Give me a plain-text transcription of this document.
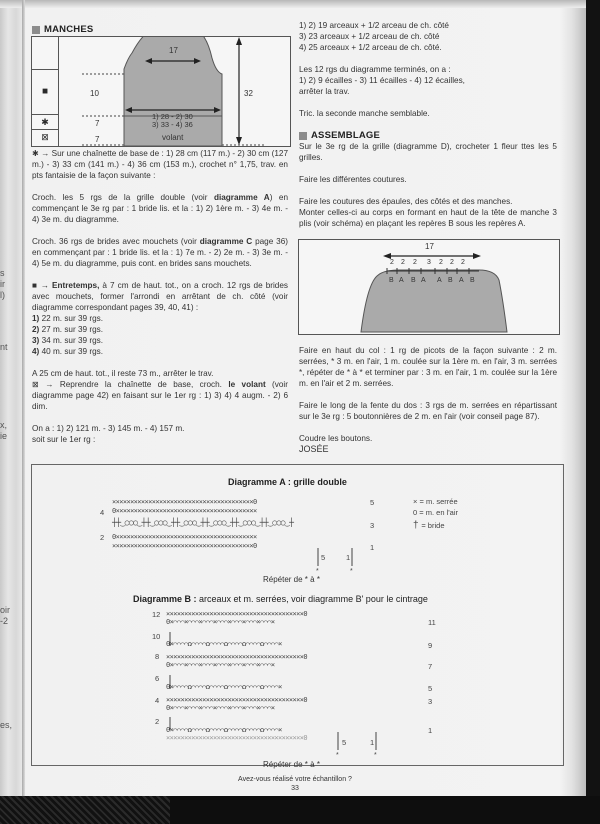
s
ir
l)
nt
x,
ie
oir
-2
es,
MANCHES
■
✱
⊠
17
32
10
7
7
1) 28 - 2) 30
3) 33 - 4) 36
volant

✱ → Sur une chaînette de base de : 1) 28 cm (117 m.) - 2) 30 cm (127 m.) - 3) 33 cm (141 m.) - 4) 36 cm (153 m.), crochet n° 1,75, trav. en pts fantaisie de la façon suivante :

Croch. les 5 rgs de la grille double (voir diagramme A) en commençant le 3e rg par : 1 bride lis. et la : 1) 2) 1ère m. - 3) 4e m. - 4) 3e m. du diagramme.

Croch. 36 rgs de brides avec mouchets (voir diagramme C page 36) en commençant par : 1 bride lis. et la : 1) 7e m. - 2) 2e m. - 3) 3e m. - 4) 5e m. du diagramme, puis cont. en brides sans mouchets.

■ → Entretemps, à 7 cm de haut. tot., on a croch. 12 rgs de brides avec mouchets, former l'arrondi en arrêtant de ch. côté (voir diagramme correspondant pages 39, 40, 41) :

1) 22 m. sur 39 rgs.
2) 27 m. sur 39 rgs.
3) 34 m. sur 39 rgs.
4) 40 m. sur 39 rgs.
A 25 cm de haut. tot., il reste 73 m., arrêter le trav.

⊠ → Reprendre la chaînette de base, croch. le volant (voir diagramme page 42) en faisant sur le 1er rg : 1) 3) 4) 4 augm. - 2) 6 dim.

On a : 1) 2) 121 m. - 3) 145 m. - 4) 157 m.
soit sur le 1er rg :
1) 2) 19 arceaux + 1/2 arceau de ch. côté
3) 23 arceaux + 1/2 arceau de ch. côté
4) 25 arceaux + 1/2 arceau de ch. côté.
Les 12 rgs du diagramme terminés, on a :
1) 2) 9 écailles - 3) 11 écailles - 4) 12 écailles,
arrêter la trav.
Tric. la seconde manche semblable.
ASSEMBLAGE

Sur le 3e rg de la grille (diagramme D), crocheter 1 fleur ttes les 5 grilles.

Faire les différentes coutures.

Faire les coutures des épaules, des côtés et des manches.
Monter celles-ci au corps en formant en haut de la tête de manche 3 plis (voir schéma) en plaçant les repères B sous les repères A.
17
2 2 2 3 2 2 2
B A B A A B A B

Faire en haut du col : 1 rg de picots de la façon suivante : 2 m. serrées, * 3 m. en l'air, 1 m. coulée sur la 1ère m. en l'air, 3 m. serrées *, répéter de * à * et terminer par : 3 m. en l'air, 1 m. coulée sur la 1ère m. en l'air et 2 m. serrées.

Faire le long de la fente du dos : 3 rgs de m. serrées en répartissant sur le 3e rg : 5 boutonnières de 2 m. en l'air (voir conseil page 87).

Coudre les boutons.
JOSÉE
Diagramme A : grille double
4
2
5
3
1
×××××××××××××××××××××××××××××××××××××××0
0×××××××××××××××××××××××××××××××××××××××
┼┼‿○○○‿┼┼‿○○○‿┼┼‿○○○‿┼┼‿○○○‿┼┼‿○○○‿┼┼‿○○○‿┼
0×××××××××××××××××××××××××××××××××××××××
×××××××××××××××××××××××××××××××××××××××0
*	*
5	1
× = m. serrée
0 = m. en l'air
† = bride
Répéter de * à *
Diagramme B : arceaux et m. serrées, voir diagramme B' pour le cintrage
12
10
8
6
4
2
11
9
7
5
3
1
××××××××××××××××××××××××××××××××××××××0
0×⌒⌒⌒×⌒⌒⌒×⌒⌒⌒×⌒⌒⌒×⌒⌒⌒×⌒⌒⌒×⌒⌒⌒×
0×⌒⌒⌒⌒ꭥ⌒⌒⌒⌒ꭥ⌒⌒⌒⌒ꭥ⌒⌒⌒⌒ꭥ⌒⌒⌒⌒ꭥ⌒⌒⌒⌒×
××××××××××××××××××××××××××××××××××××××0
0×⌒⌒⌒×⌒⌒⌒×⌒⌒⌒×⌒⌒⌒×⌒⌒⌒×⌒⌒⌒×⌒⌒⌒×
0×⌒⌒⌒⌒ꭥ⌒⌒⌒⌒ꭥ⌒⌒⌒⌒ꭥ⌒⌒⌒⌒ꭥ⌒⌒⌒⌒ꭥ⌒⌒⌒⌒×
××××××××××××××××××××××××××××××××××××××0
0×⌒⌒⌒×⌒⌒⌒×⌒⌒⌒×⌒⌒⌒×⌒⌒⌒×⌒⌒⌒×⌒⌒⌒×
0×⌒⌒⌒⌒ꭥ⌒⌒⌒⌒ꭥ⌒⌒⌒⌒ꭥ⌒⌒⌒⌒ꭥ⌒⌒⌒⌒ꭥ⌒⌒⌒⌒×
××××××××××××××××××××××××××××××××××××××0
*	*
5	1
Répéter de * à *
Avez-vous réalisé votre échantillon ?
33
